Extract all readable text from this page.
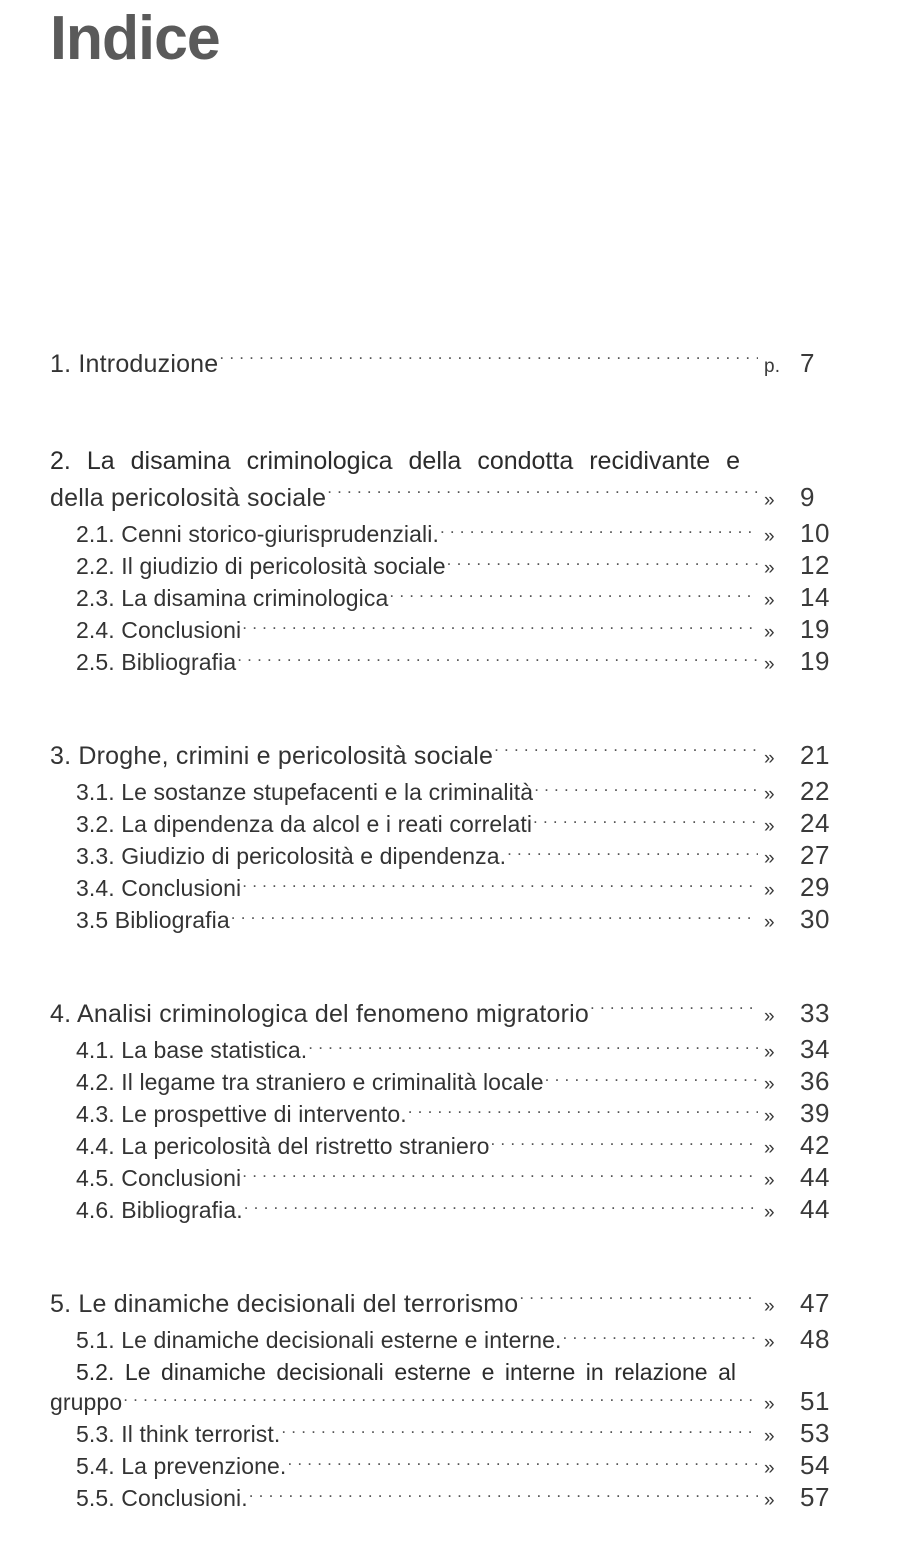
Indice
1. Introduzione .....	p. 7
2. La disamina criminologica della condotta recidivante e
della pericolosità sociale .....	» 9
2.1. Cenni storico-giurisprudenziali. .....	» 10
2.2. Il giudizio di pericolosità sociale .....	» 12
2.3. La disamina criminologica .....	» 14
2.4. Conclusioni .....	» 19
2.5. Bibliografia .....	» 19
3. Droghe, crimini e pericolosità sociale .....	» 21
3.1. Le sostanze stupefacenti e la criminalità .....	» 22
3.2. La dipendenza da alcol e i reati correlati .....	» 24
3.3. Giudizio di pericolosità e dipendenza. .....	» 27
3.4. Conclusioni .....	» 29
3.5 Bibliografia .....	» 30
4. Analisi criminologica del fenomeno migratorio .....	» 33
4.1. La base statistica. .....	» 34
4.2. Il legame tra straniero e criminalità locale .....	» 36
4.3. Le prospettive di intervento. .....	» 39
4.4. La pericolosità del ristretto straniero .....	» 42
4.5. Conclusioni .....	» 44
4.6. Bibliografia. .....	» 44
5. Le dinamiche decisionali del terrorismo .....	» 47
5.1. Le dinamiche decisionali esterne e interne. .....	» 48
5.2. Le dinamiche decisionali esterne e interne in relazione al
gruppo .....	» 51
5.3. Il think terrorist. .....	» 53
5.4. La prevenzione. .....	» 54
5.5. Conclusioni. .....	» 57
